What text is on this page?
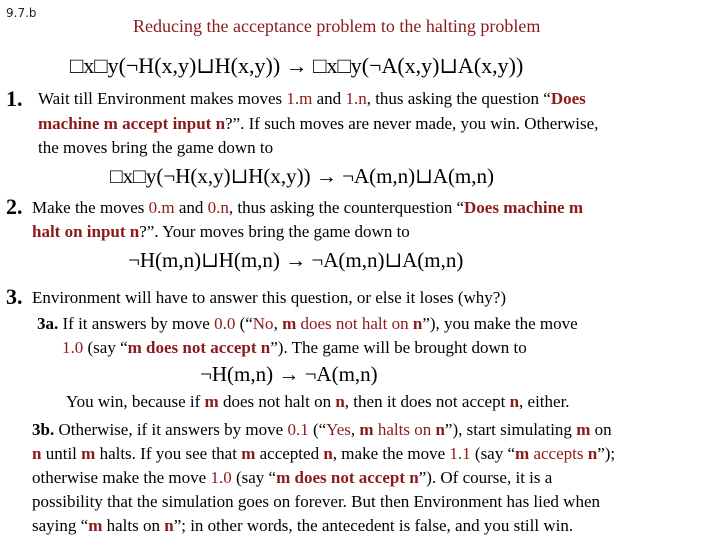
9.7.b
Reducing the acceptance problem to the halting problem
□x□y(¬H(x,y)⊔H(x,y)) → □x□y(¬A(x,y)⊔A(x,y))
1. Wait till Environment makes moves 1.m and 1.n, thus asking the question “Does
machine m accept input n?”. If such moves are never made, you win. Otherwise,
the moves bring the game down to
□x□y(¬H(x,y)⊔H(x,y)) → ¬A(m,n)⊔A(m,n)
2. Make the moves 0.m and 0.n, thus asking the counterquestion “Does machine m
halt on input n?”. Your moves bring the game down to
¬H(m,n)⊔H(m,n) → ¬A(m,n)⊔A(m,n)
3. Environment will have to answer this question, or else it loses (why?)
3a. If it answers by move 0.0 (“No, m does not halt on n”), you make the move
1.0 (say “m does not accept n”). The game will be brought down to
¬H(m,n) → ¬A(m,n)
You win, because if m does not halt on n, then it does not accept n, either.
3b. Otherwise, if it answers by move 0.1 (“Yes, m halts on n”), start simulating m on
n until m halts. If you see that m accepted n, make the move 1.1 (say “m accepts n”);
otherwise make the move 1.0 (say “m does not accept n”). Of course, it is a
possibility that the simulation goes on forever. But then Environment has lied when
saying “m halts on n”; in other words, the antecedent is false, and you still win.
